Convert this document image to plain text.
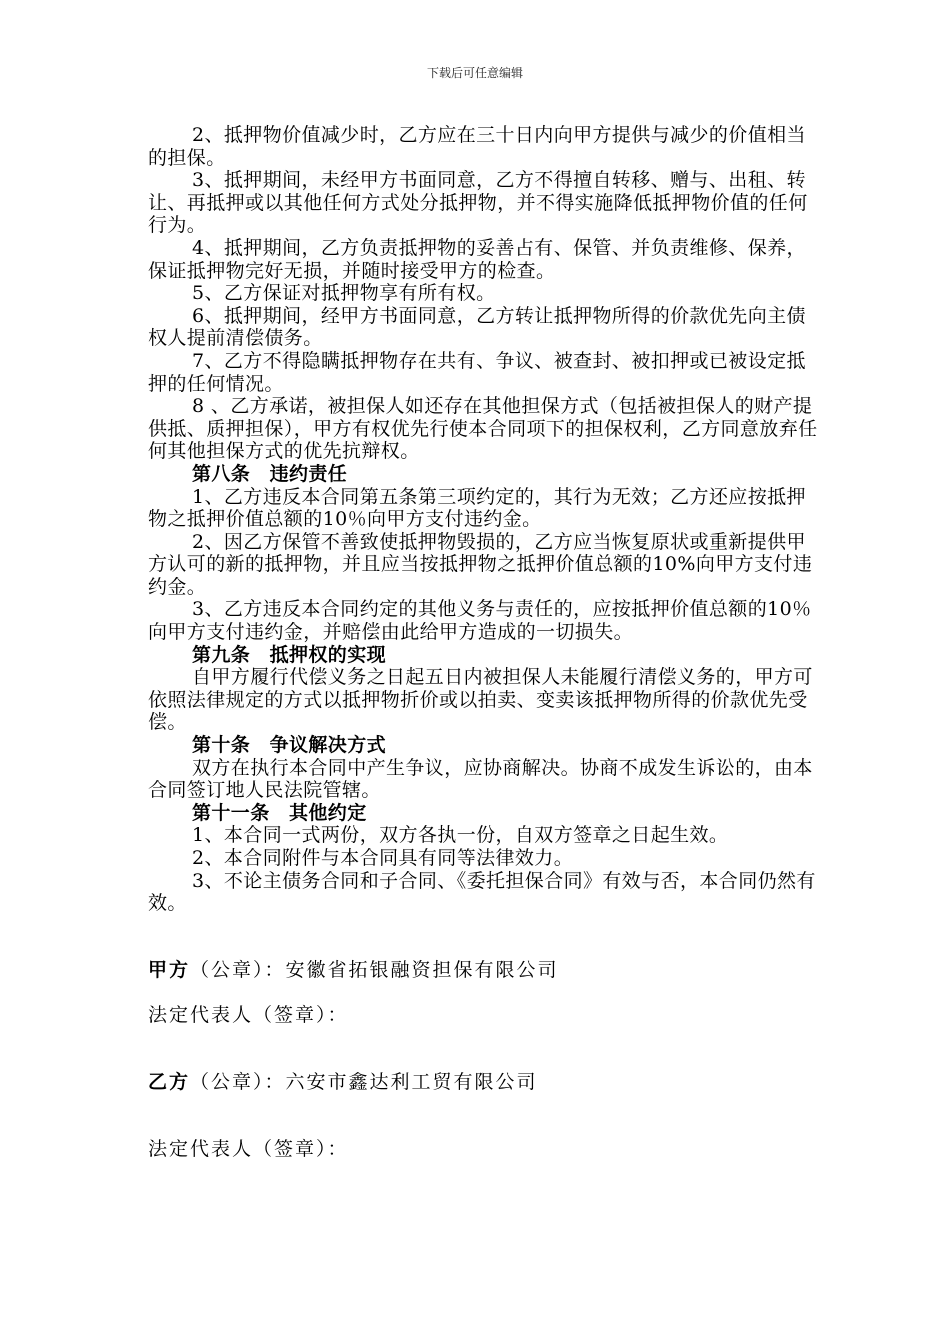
下载后可任意编辑

2、抵押物价值减少时，乙方应在三十日内向甲方提供与减少的价值相当的担保。

3、抵押期间，未经甲方书面同意，乙方不得擅自转移、赠与、出租、转让、再抵押或以其他任何方式处分抵押物，并不得实施降低抵押物价值的任何行为。

4、抵押期间，乙方负责抵押物的妥善占有、保管、并负责维修、保养，保证抵押物完好无损，并随时接受甲方的检查。

5、乙方保证对抵押物享有所有权。

6、抵押期间，经甲方书面同意，乙方转让抵押物所得的价款优先向主债权人提前清偿债务。

7、乙方不得隐瞒抵押物存在共有、争议、被查封、被扣押或已被设定抵押的任何情况。

8 、乙方承诺，被担保人如还存在其他担保方式（包括被担保人的财产提供抵、质押担保），甲方有权优先行使本合同项下的担保权利，乙方同意放弃任何其他担保方式的优先抗辩权。

第八条　违约责任

1、乙方违反本合同第五条第三项约定的，其行为无效；乙方还应按抵押物之抵押价值总额的10％向甲方支付违约金。

2、因乙方保管不善致使抵押物毁损的，乙方应当恢复原状或重新提供甲方认可的新的抵押物，并且应当按抵押物之抵押价值总额的10%向甲方支付违约金。

3、乙方违反本合同约定的其他义务与责任的，应按抵押价值总额的10％向甲方支付违约金，并赔偿由此给甲方造成的一切损失。

第九条　抵押权的实现

自甲方履行代偿义务之日起五日内被担保人未能履行清偿义务的，甲方可依照法律规定的方式以抵押物折价或以拍卖、变卖该抵押物所得的价款优先受偿。

第十条　争议解决方式

双方在执行本合同中产生争议，应协商解决。协商不成发生诉讼的，由本合同签订地人民法院管辖。

第十一条　其他约定

1、本合同一式两份，双方各执一份，自双方签章之日起生效。

2、本合同附件与本合同具有同等法律效力。

3、不论主债务合同和子合同、《委托担保合同》有效与否，本合同仍然有效。

甲方（公章）：安徽省拓银融资担保有限公司
法定代表人（签章）：
乙方（公章）：六安市鑫达利工贸有限公司
法定代表人（签章）：
